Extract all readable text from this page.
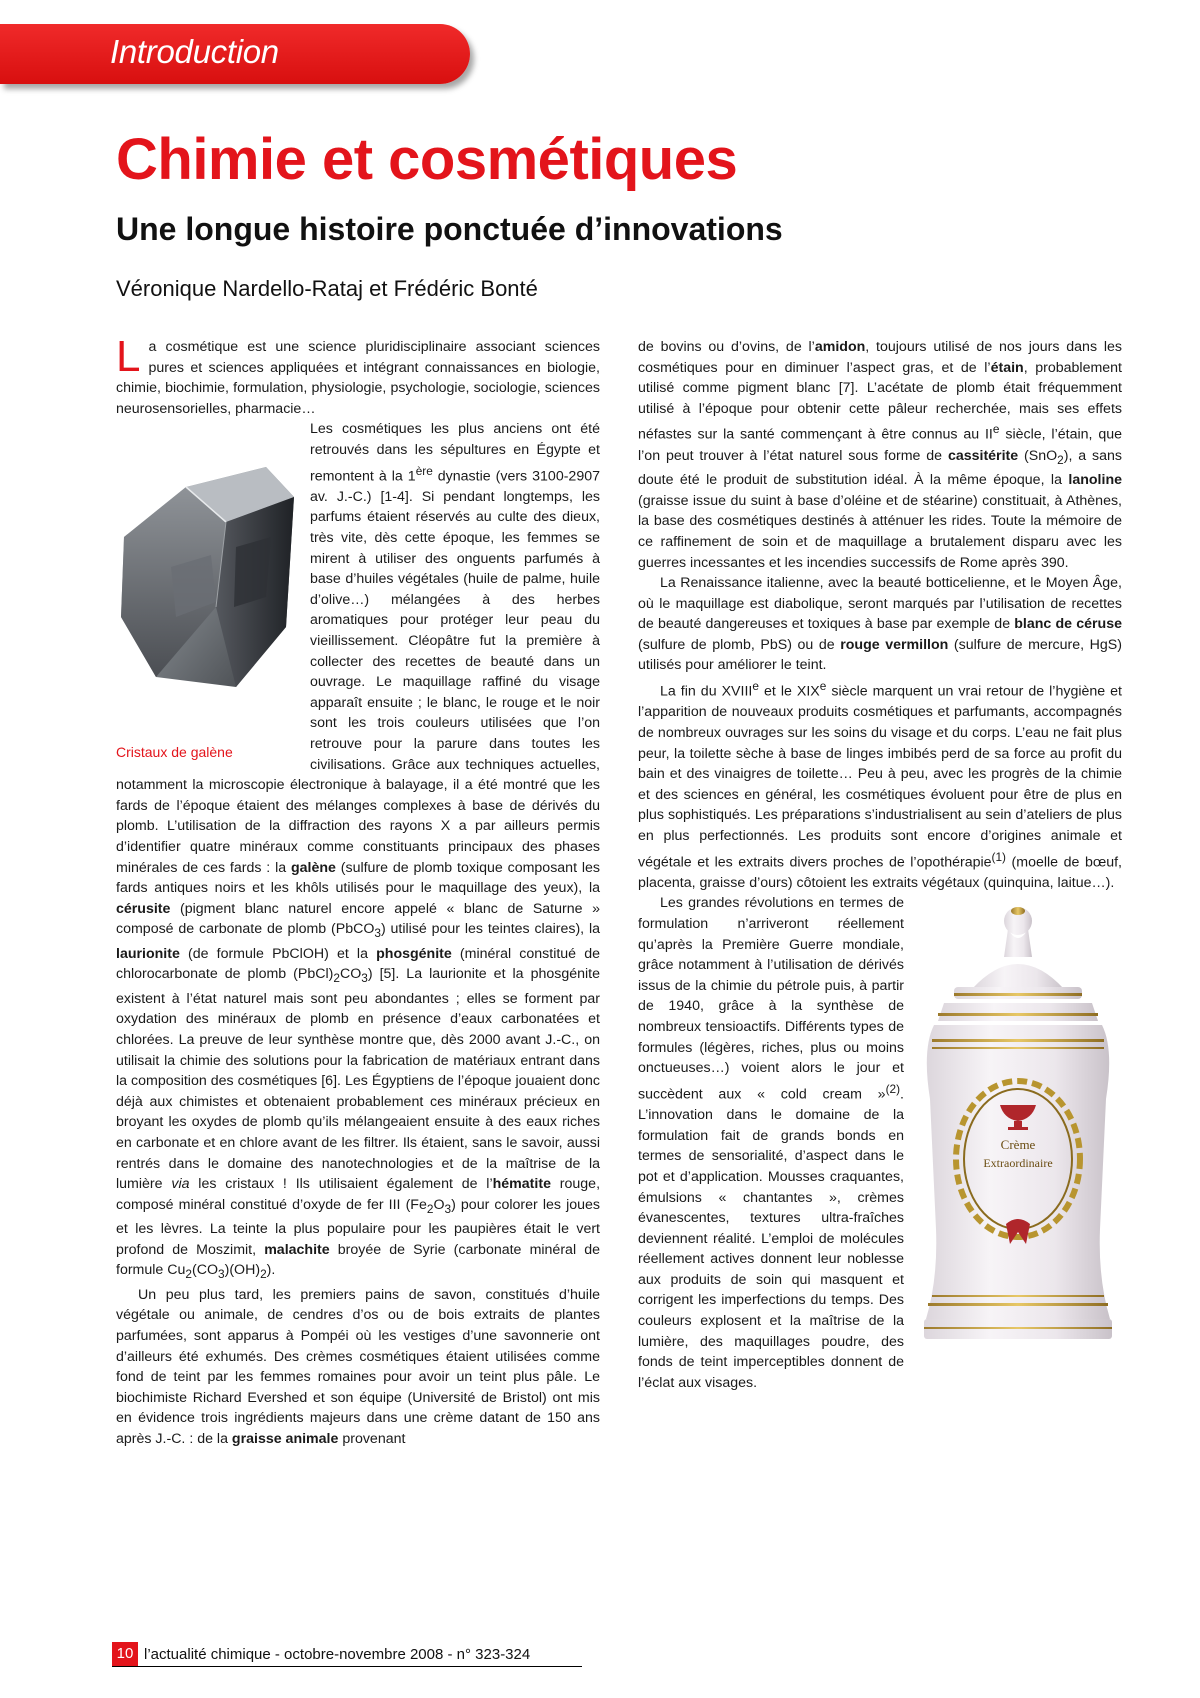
Introduction
Chimie et cosmétiques
Une longue histoire ponctuée d’innovations
Véronique Nardello-Rataj et Frédéric Bonté

La cosmétique est une science pluridisciplinaire associant sciences pures et sciences appliquées et intégrant connaissances en biologie, chimie, biochimie, formulation, physiologie, psychologie, sociologie, sciences neurosensorielles, pharmacie…

Cristaux de galène

Les cosmétiques les plus anciens ont été retrouvés dans les sépultures en Égypte et remontent à la 1ère dynastie (vers 3100-2907 av. J.-C.) [1-4]. Si pendant longtemps, les parfums étaient réservés au culte des dieux, très vite, dès cette époque, les femmes se mirent à utiliser des onguents parfumés à base d’huiles végétales (huile de palme, huile d’olive…) mélangées à des herbes aromatiques pour protéger leur peau du vieillissement. Cléopâtre fut la première à collecter des recettes de beauté dans un ouvrage. Le maquillage raffiné du visage apparaît ensuite ; le blanc, le rouge et le noir sont les trois couleurs utilisées que l’on retrouve pour la parure dans toutes les civilisations. Grâce aux techniques actuelles, notamment la microscopie électronique à balayage, il a été montré que les fards de l’époque étaient des mélanges complexes à base de dérivés du plomb. L’utilisation de la diffraction des rayons X a par ailleurs permis d’identifier quatre minéraux comme constituants principaux des phases minérales de ces fards : la galène (sulfure de plomb toxique composant les fards antiques noirs et les khôls utilisés pour le maquillage des yeux), la cérusite (pigment blanc naturel encore appelé « blanc de Saturne » composé de carbonate de plomb (PbCO$_3$) utilisé pour les teintes claires), la laurionite (de formule PbClOH) et la phosgénite (minéral constitué de chlorocarbonate de plomb $(PbCl)_2CO_3$) [5]. La laurionite et la phosgénite existent à l’état naturel mais sont peu abondantes ; elles se forment par oxydation des minéraux de plomb en présence d’eaux carbonatées et chlorées. La preuve de leur synthèse montre que, dès 2000 avant J.-C., on utilisait la chimie des solutions pour la fabrication de matériaux entrant dans la composition des cosmétiques [6]. Les Égyptiens de l’époque jouaient donc déjà aux chimistes et obtenaient probablement ces minéraux précieux en broyant les oxydes de plomb qu’ils mélangeaient ensuite à des eaux riches en carbonate et en chlore avant de les filtrer. Ils étaient, sans le savoir, aussi rentrés dans le domaine des nanotechnologies et de la maîtrise de la lumière via les cristaux ! Ils utilisaient également de l’hématite rouge, composé minéral constitué d’oxyde de fer III $(Fe_2O_3)$ pour colorer les joues et les lèvres. La teinte la plus populaire pour les paupières était le vert profond de Moszimit, malachite broyée de Syrie (carbonate minéral de formule $Cu_2(CO_3)(OH)_2$).

Un peu plus tard, les premiers pains de savon, constitués d’huile végétale ou animale, de cendres d’os ou de bois extraits de plantes parfumées, sont apparus à Pompéi où les vestiges d’une savonnerie ont d’ailleurs été exhumés. Des crèmes cosmétiques étaient utilisées comme fond de teint par les femmes romaines pour avoir un teint plus pâle. Le biochimiste Richard Evershed et son équipe (Université de Bristol) ont mis en évidence trois ingrédients majeurs dans une crème datant de 150 ans après J.-C. : de la graisse animale provenant

de bovins ou d’ovins, de l’amidon, toujours utilisé de nos jours dans les cosmétiques pour en diminuer l’aspect gras, et de l’étain, probablement utilisé comme pigment blanc [7]. L’acétate de plomb était fréquemment utilisé à l’époque pour obtenir cette pâleur recherchée, mais ses effets néfastes sur la santé commençant à être connus au IIe siècle, l’étain, que l’on peut trouver à l’état naturel sous forme de cassitérite (SnO$_2$), a sans doute été le produit de substitution idéal. À la même époque, la lanoline (graisse issue du suint à base d’oléine et de stéarine) constituait, à Athènes, la base des cosmétiques destinés à atténuer les rides. Toute la mémoire de ce raffinement de soin et de maquillage a brutalement disparu avec les guerres incessantes et les incendies successifs de Rome après 390.

La Renaissance italienne, avec la beauté botticelienne, et le Moyen Âge, où le maquillage est diabolique, seront marqués par l’utilisation de recettes de beauté dangereuses et toxiques à base par exemple de blanc de céruse (sulfure de plomb, PbS) ou de rouge vermillon (sulfure de mercure, HgS) utilisés pour améliorer le teint.

La fin du XVIIIe et le XIXe siècle marquent un vrai retour de l’hygiène et l’apparition de nouveaux produits cosmétiques et parfumants, accompagnés de nombreux ouvrages sur les soins du visage et du corps. L’eau ne fait plus peur, la toilette sèche à base de linges imbibés perd de sa force au profit du bain et des vinaigres de toilette… Peu à peu, avec les progrès de la chimie et des sciences en général, les cosmétiques évoluent pour être de plus en plus sophistiqués. Les préparations s’industrialisent au sein d’ateliers de plus en plus perfectionnés. Les produits sont encore d’origines animale et végétale et les extraits divers proches de l’opothérapie$^{(1)}$ (moelle de bœuf, placenta, graisse d’ours) côtoient les extraits végétaux (quinquina, laitue…).

Crème
Extraordinaire

Les grandes révolutions en termes de formulation n’arriveront réellement qu’après la Première Guerre mondiale, grâce notamment à l’utilisation de dérivés issus de la chimie du pétrole puis, à partir de 1940, grâce à la synthèse de nombreux tensioactifs. Différents types de formules (légères, riches, plus ou moins onctueuses…) voient alors le jour et succèdent aux « cold cream »$^{(2)}$. L’innovation dans le domaine de la formulation fait de grands bonds en termes de sensorialité, d’aspect dans le pot et d’application. Mousses craquantes, émulsions « chantantes », crèmes évanescentes, textures ultra-fraîches deviennent réalité. L’emploi de molécules réellement actives donnent leur noblesse aux produits de soin qui masquent et corrigent les imperfections du temps. Des couleurs explosent et la maîtrise de la lumière, des maquillages poudre, des fonds de teint imperceptibles donnent de l’éclat aux visages.

10 l’actualité chimique - octobre-novembre 2008 - n° 323-324
